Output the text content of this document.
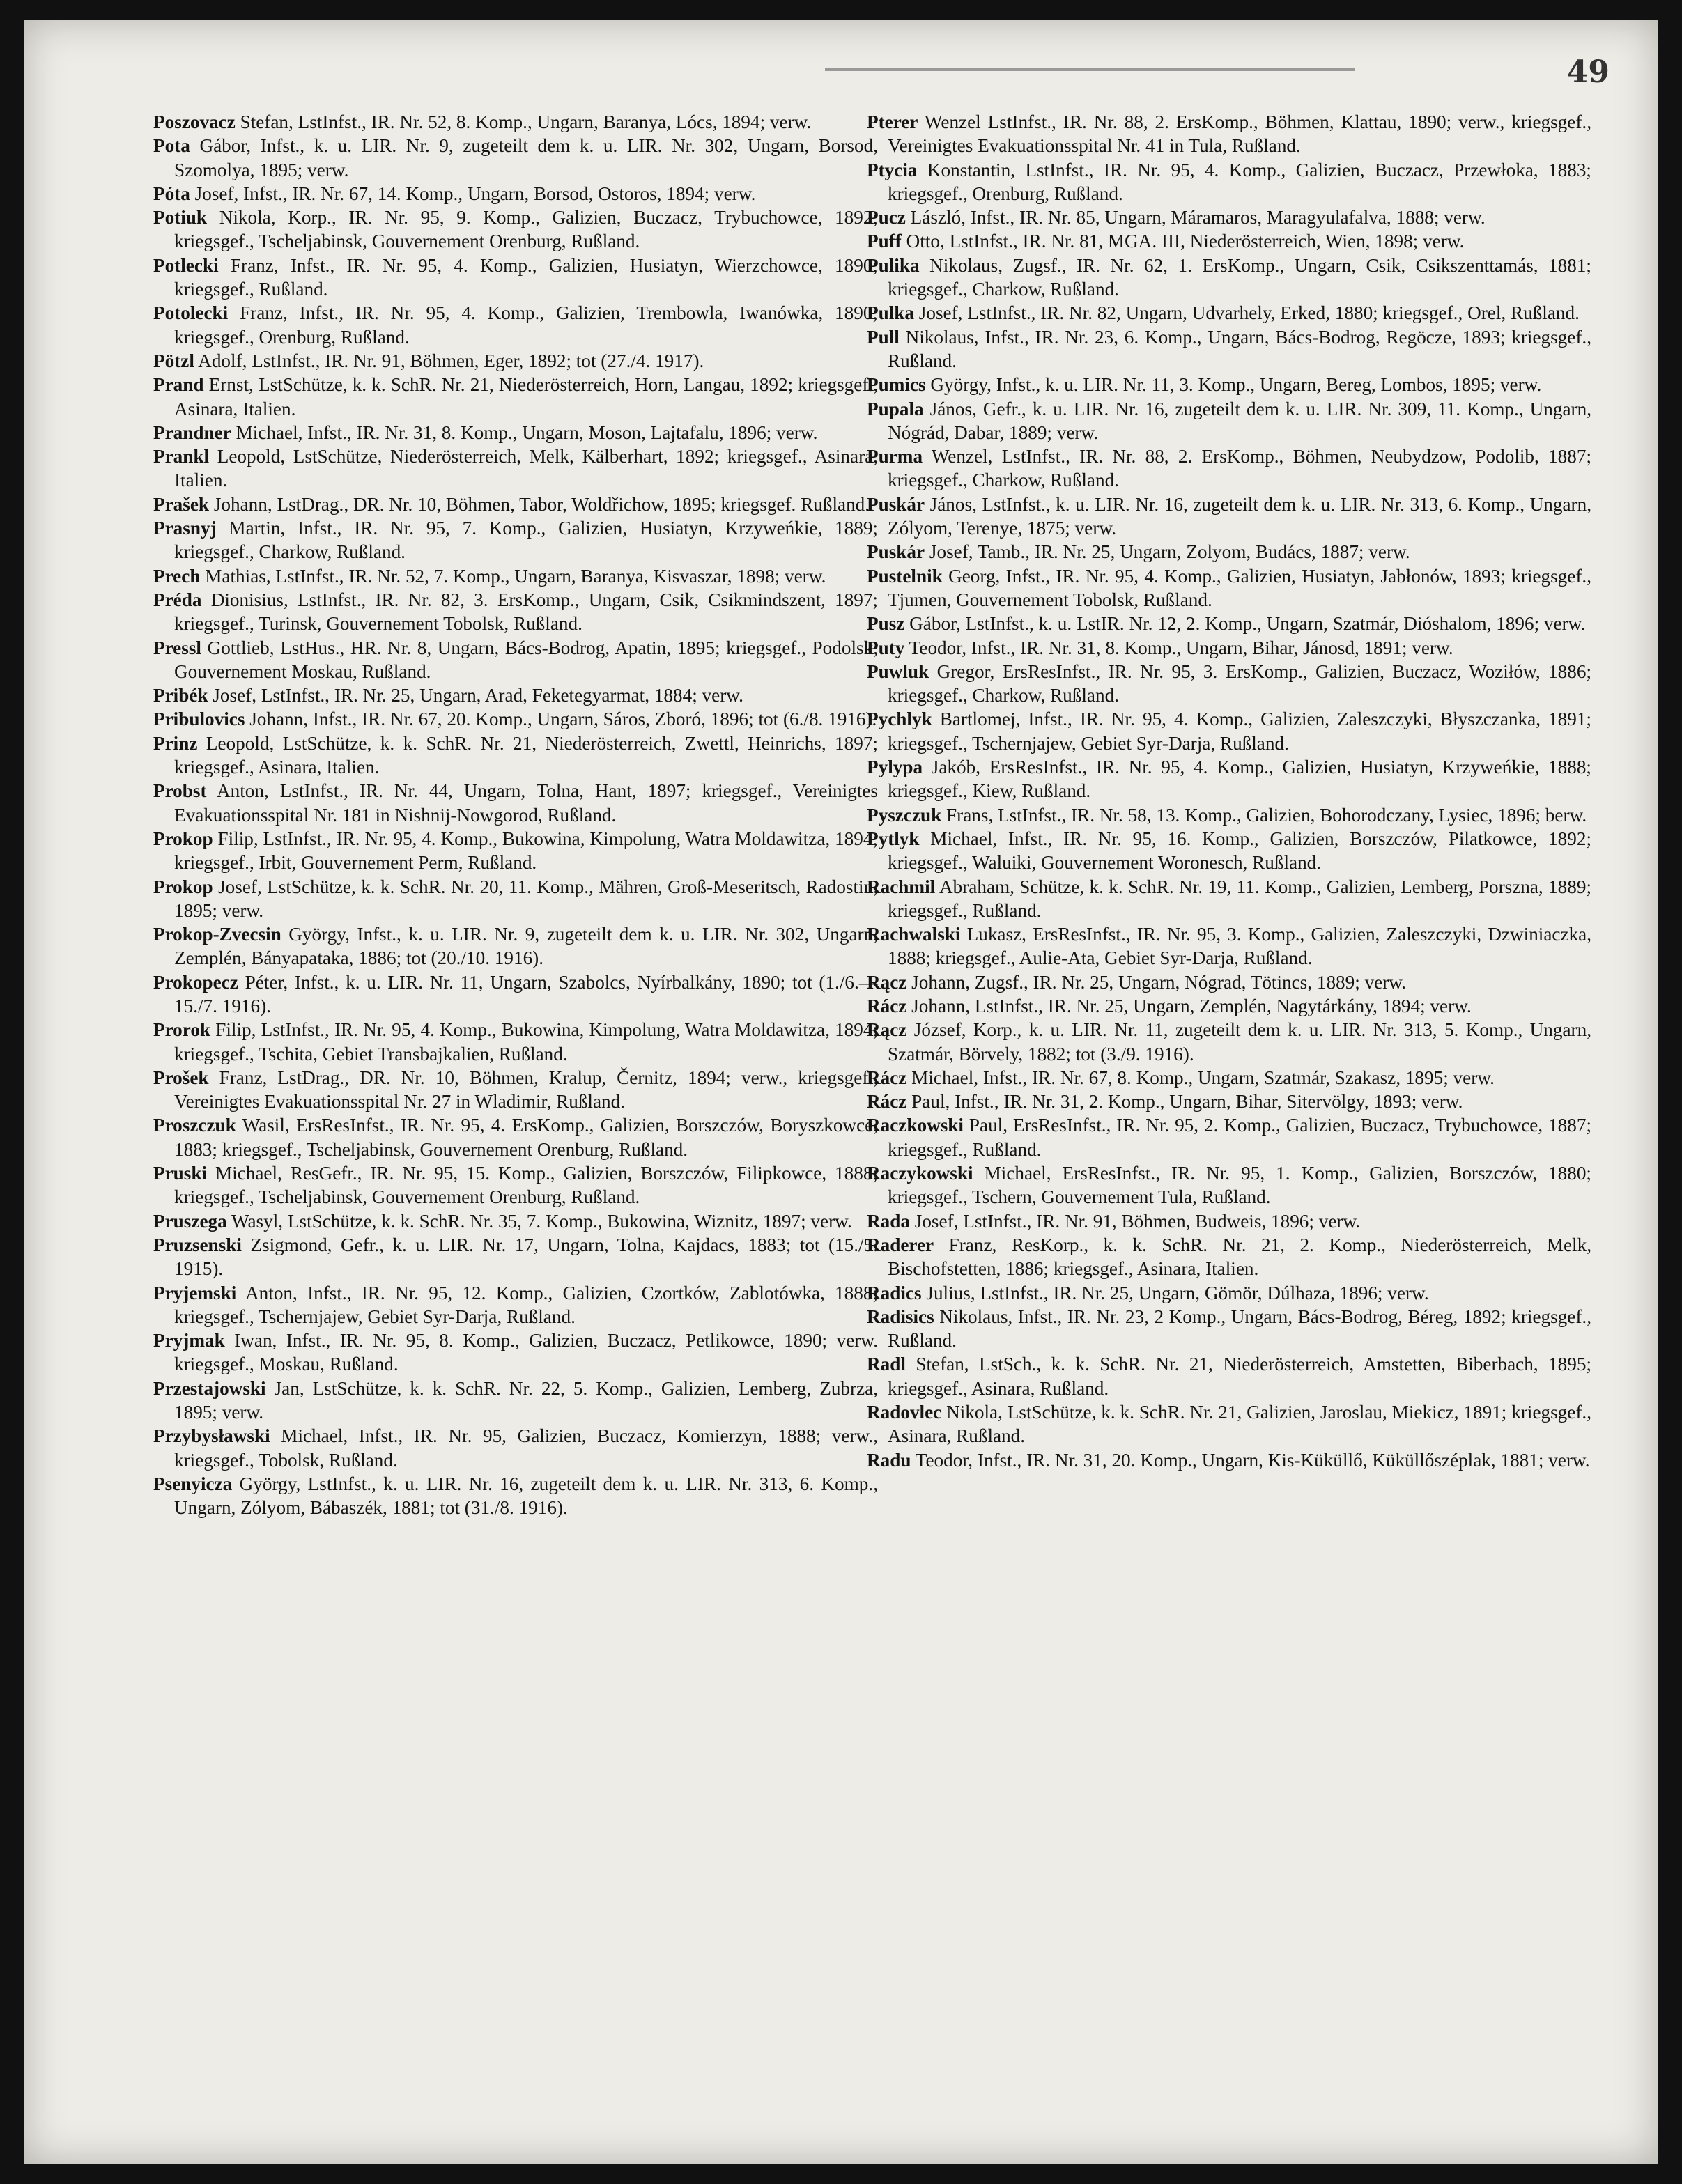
49

Poszovacz Stefan, LstInfst., IR. Nr. 52, 8. Komp., Ungarn, Baranya, Lócs, 1894; verw.

Pota Gábor, Infst., k. u. LIR. Nr. 9, zugeteilt dem k. u. LIR. Nr. 302, Ungarn, Borsod, Szomolya, 1895; verw.

Póta Josef, Infst., IR. Nr. 67, 14. Komp., Ungarn, Borsod, Ostoros, 1894; verw.

Potiuk Nikola, Korp., IR. Nr. 95, 9. Komp., Galizien, Buczacz, Trybuchowce, 1892; kriegsgef., Tscheljabinsk, Gouvernement Orenburg, Rußland.

Potlecki Franz, Infst., IR. Nr. 95, 4. Komp., Galizien, Husiatyn, Wierzchowce, 1890; kriegsgef., Rußland.

Potolecki Franz, Infst., IR. Nr. 95, 4. Komp., Galizien, Trembowla, Iwanówka, 1890; kriegsgef., Orenburg, Rußland.

Pötzl Adolf, LstInfst., IR. Nr. 91, Böhmen, Eger, 1892; tot (27./4. 1917).

Prand Ernst, LstSchütze, k. k. SchR. Nr. 21, Niederösterreich, Horn, Langau, 1892; kriegsgef., Asinara, Italien.

Prandner Michael, Infst., IR. Nr. 31, 8. Komp., Ungarn, Moson, Lajtafalu, 1896; verw.

Prankl Leopold, LstSchütze, Niederösterreich, Melk, Kälberhart, 1892; kriegsgef., Asinara, Italien.

Prašek Johann, LstDrag., DR. Nr. 10, Böhmen, Tabor, Woldřichow, 1895; kriegsgef. Rußland.

Prasnyj Martin, Infst., IR. Nr. 95, 7. Komp., Galizien, Husiatyn, Krzyweńkie, 1889; kriegsgef., Charkow, Rußland.

Prech Mathias, LstInfst., IR. Nr. 52, 7. Komp., Ungarn, Baranya, Kisvaszar, 1898; verw.

Préda Dionisius, LstInfst., IR. Nr. 82, 3. ErsKomp., Ungarn, Csik, Csikmindszent, 1897; kriegsgef., Turinsk, Gouvernement Tobolsk, Rußland.

Pressl Gottlieb, LstHus., HR. Nr. 8, Ungarn, Bács-Bodrog, Apatin, 1895; kriegsgef., Podolsk, Gouvernement Moskau, Rußland.

Pribék Josef, LstInfst., IR. Nr. 25, Ungarn, Arad, Feketegyarmat, 1884; verw.

Pribulovics Johann, Infst., IR. Nr. 67, 20. Komp., Ungarn, Sáros, Zboró, 1896; tot (6./8. 1916).

Prinz Leopold, LstSchütze, k. k. SchR. Nr. 21, Niederösterreich, Zwettl, Heinrichs, 1897; kriegsgef., Asinara, Italien.

Probst Anton, LstInfst., IR. Nr. 44, Ungarn, Tolna, Hant, 1897; kriegsgef., Vereinigtes Evakuationsspital Nr. 181 in Nishnij-Nowgorod, Rußland.

Prokop Filip, LstInfst., IR. Nr. 95, 4. Komp., Bukowina, Kimpolung, Watra Moldawitza, 1894; kriegsgef., Irbit, Gouvernement Perm, Rußland.

Prokop Josef, LstSchütze, k. k. SchR. Nr. 20, 11. Komp., Mähren, Groß-Meseritsch, Radostin, 1895; verw.

Prokop-Zvecsin György, Infst., k. u. LIR. Nr. 9, zugeteilt dem k. u. LIR. Nr. 302, Ungarn, Zemplén, Bányapataka, 1886; tot (20./10. 1916).

Prokopecz Péter, Infst., k. u. LIR. Nr. 11, Ungarn, Szabolcs, Nyírbalkány, 1890; tot (1./6.—15./7. 1916).

Prorok Filip, LstInfst., IR. Nr. 95, 4. Komp., Bukowina, Kimpolung, Watra Moldawitza, 1894; kriegsgef., Tschita, Gebiet Transbajkalien, Rußland.

Prošek Franz, LstDrag., DR. Nr. 10, Böhmen, Kralup, Černitz, 1894; verw., kriegsgef., Vereinigtes Evakuationsspital Nr. 27 in Wladimir, Rußland.

Proszczuk Wasil, ErsResInfst., IR. Nr. 95, 4. ErsKomp., Galizien, Borszczów, Boryszkowce, 1883; kriegsgef., Tscheljabinsk, Gouvernement Orenburg, Rußland.

Pruski Michael, ResGefr., IR. Nr. 95, 15. Komp., Galizien, Borszczów, Filipkowce, 1888; kriegsgef., Tscheljabinsk, Gouvernement Orenburg, Rußland.

Pruszega Wasyl, LstSchütze, k. k. SchR. Nr. 35, 7. Komp., Bukowina, Wiznitz, 1897; verw.

Pruzsenski Zsigmond, Gefr., k. u. LIR. Nr. 17, Ungarn, Tolna, Kajdacs, 1883; tot (15./5. 1915).

Pryjemski Anton, Infst., IR. Nr. 95, 12. Komp., Galizien, Czortków, Zablotówka, 1888; kriegsgef., Tschernjajew, Gebiet Syr-Darja, Rußland.

Pryjmak Iwan, Infst., IR. Nr. 95, 8. Komp., Galizien, Buczacz, Petlikowce, 1890; verw. kriegsgef., Moskau, Rußland.

Przestajowski Jan, LstSchütze, k. k. SchR. Nr. 22, 5. Komp., Galizien, Lemberg, Zubrza, 1895; verw.

Przybysławski Michael, Infst., IR. Nr. 95, Galizien, Buczacz, Komierzyn, 1888; verw., kriegsgef., Tobolsk, Rußland.

Psenyicza György, LstInfst., k. u. LIR. Nr. 16, zugeteilt dem k. u. LIR. Nr. 313, 6. Komp., Ungarn, Zólyom, Bábaszék, 1881; tot (31./8. 1916).

Pterer Wenzel LstInfst., IR. Nr. 88, 2. ErsKomp., Böhmen, Klattau, 1890; verw., kriegsgef., Vereinigtes Evakuationsspital Nr. 41 in Tula, Rußland.

Ptycia Konstantin, LstInfst., IR. Nr. 95, 4. Komp., Galizien, Buczacz, Przewłoka, 1883; kriegsgef., Orenburg, Rußland.

Pucz László, Infst., IR. Nr. 85, Ungarn, Máramaros, Maragyulafalva, 1888; verw.

Puff Otto, LstInfst., IR. Nr. 81, MGA. III, Niederösterreich, Wien, 1898; verw.

Pulika Nikolaus, Zugsf., IR. Nr. 62, 1. ErsKomp., Ungarn, Csik, Csikszenttamás, 1881; kriegsgef., Charkow, Rußland.

Pulka Josef, LstInfst., IR. Nr. 82, Ungarn, Udvarhely, Erked, 1880; kriegsgef., Orel, Rußland.

Pull Nikolaus, Infst., IR. Nr. 23, 6. Komp., Ungarn, Bács-Bodrog, Regöcze, 1893; kriegsgef., Rußland.

Pumics György, Infst., k. u. LIR. Nr. 11, 3. Komp., Ungarn, Bereg, Lombos, 1895; verw.

Pupala János, Gefr., k. u. LIR. Nr. 16, zugeteilt dem k. u. LIR. Nr. 309, 11. Komp., Ungarn, Nógrád, Dabar, 1889; verw.

Purma Wenzel, LstInfst., IR. Nr. 88, 2. ErsKomp., Böhmen, Neubydzow, Podolib, 1887; kriegsgef., Charkow, Rußland.

Puskár János, LstInfst., k. u. LIR. Nr. 16, zugeteilt dem k. u. LIR. Nr. 313, 6. Komp., Ungarn, Zólyom, Terenye, 1875; verw.

Puskár Josef, Tamb., IR. Nr. 25, Ungarn, Zolyom, Budács, 1887; verw.

Pustelnik Georg, Infst., IR. Nr. 95, 4. Komp., Galizien, Husiatyn, Jabłonów, 1893; kriegsgef., Tjumen, Gouvernement Tobolsk, Rußland.

Pusz Gábor, LstInfst., k. u. LstIR. Nr. 12, 2. Komp., Ungarn, Szatmár, Dióshalom, 1896; verw.

Puty Teodor, Infst., IR. Nr. 31, 8. Komp., Ungarn, Bihar, Jánosd, 1891; verw.

Puwluk Gregor, ErsResInfst., IR. Nr. 95, 3. ErsKomp., Galizien, Buczacz, Woziłów, 1886; kriegsgef., Charkow, Rußland.

Pychlyk Bartlomej, Infst., IR. Nr. 95, 4. Komp., Galizien, Zaleszczyki, Błyszczanka, 1891; kriegsgef., Tschernjajew, Gebiet Syr-Darja, Rußland.

Pylypa Jakób, ErsResInfst., IR. Nr. 95, 4. Komp., Galizien, Husiatyn, Krzyweńkie, 1888; kriegsgef., Kiew, Rußland.

Pyszczuk Frans, LstInfst., IR. Nr. 58, 13. Komp., Galizien, Bohorodczany, Lysiec, 1896; berw.

Pytlyk Michael, Infst., IR. Nr. 95, 16. Komp., Galizien, Borszczów, Pilatkowce, 1892; kriegsgef., Waluiki, Gouvernement Woronesch, Rußland.

Rachmil Abraham, Schütze, k. k. SchR. Nr. 19, 11. Komp., Galizien, Lemberg, Porszna, 1889; kriegsgef., Rußland.

Rachwalski Lukasz, ErsResInfst., IR. Nr. 95, 3. Komp., Galizien, Zaleszczyki, Dzwiniaczka, 1888; kriegsgef., Aulie-Ata, Gebiet Syr-Darja, Rußland.

Rącz Johann, Zugsf., IR. Nr. 25, Ungarn, Nógrad, Tötincs, 1889; verw.

Rácz Johann, LstInfst., IR. Nr. 25, Ungarn, Zemplén, Nagytárkány, 1894; verw.

Rącz József, Korp., k. u. LIR. Nr. 11, zugeteilt dem k. u. LIR. Nr. 313, 5. Komp., Ungarn, Szatmár, Börvely, 1882; tot (3./9. 1916).

Rácz Michael, Infst., IR. Nr. 67, 8. Komp., Ungarn, Szatmár, Szakasz, 1895; verw.

Rácz Paul, Infst., IR. Nr. 31, 2. Komp., Ungarn, Bihar, Sitervölgy, 1893; verw.

Raczkowski Paul, ErsResInfst., IR. Nr. 95, 2. Komp., Galizien, Buczacz, Trybuchowce, 1887; kriegsgef., Rußland.

Raczykowski Michael, ErsResInfst., IR. Nr. 95, 1. Komp., Galizien, Borszczów, 1880; kriegsgef., Tschern, Gouvernement Tula, Rußland.

Rada Josef, LstInfst., IR. Nr. 91, Böhmen, Budweis, 1896; verw.

Raderer Franz, ResKorp., k. k. SchR. Nr. 21, 2. Komp., Niederösterreich, Melk, Bischofstetten, 1886; kriegsgef., Asinara, Italien.

Radics Julius, LstInfst., IR. Nr. 25, Ungarn, Gömör, Dúlhaza, 1896; verw.

Radisics Nikolaus, Infst., IR. Nr. 23, 2 Komp., Ungarn, Bács-Bodrog, Béreg, 1892; kriegsgef., Rußland.

Radl Stefan, LstSch., k. k. SchR. Nr. 21, Niederösterreich, Amstetten, Biberbach, 1895; kriegsgef., Asinara, Rußland.

Radovlec Nikola, LstSchütze, k. k. SchR. Nr. 21, Galizien, Jaroslau, Miekicz, 1891; kriegsgef., Asinara, Rußland.

Radu Teodor, Infst., IR. Nr. 31, 20. Komp., Ungarn, Kis-Küküllő, Küküllőszéplak, 1881; verw.
